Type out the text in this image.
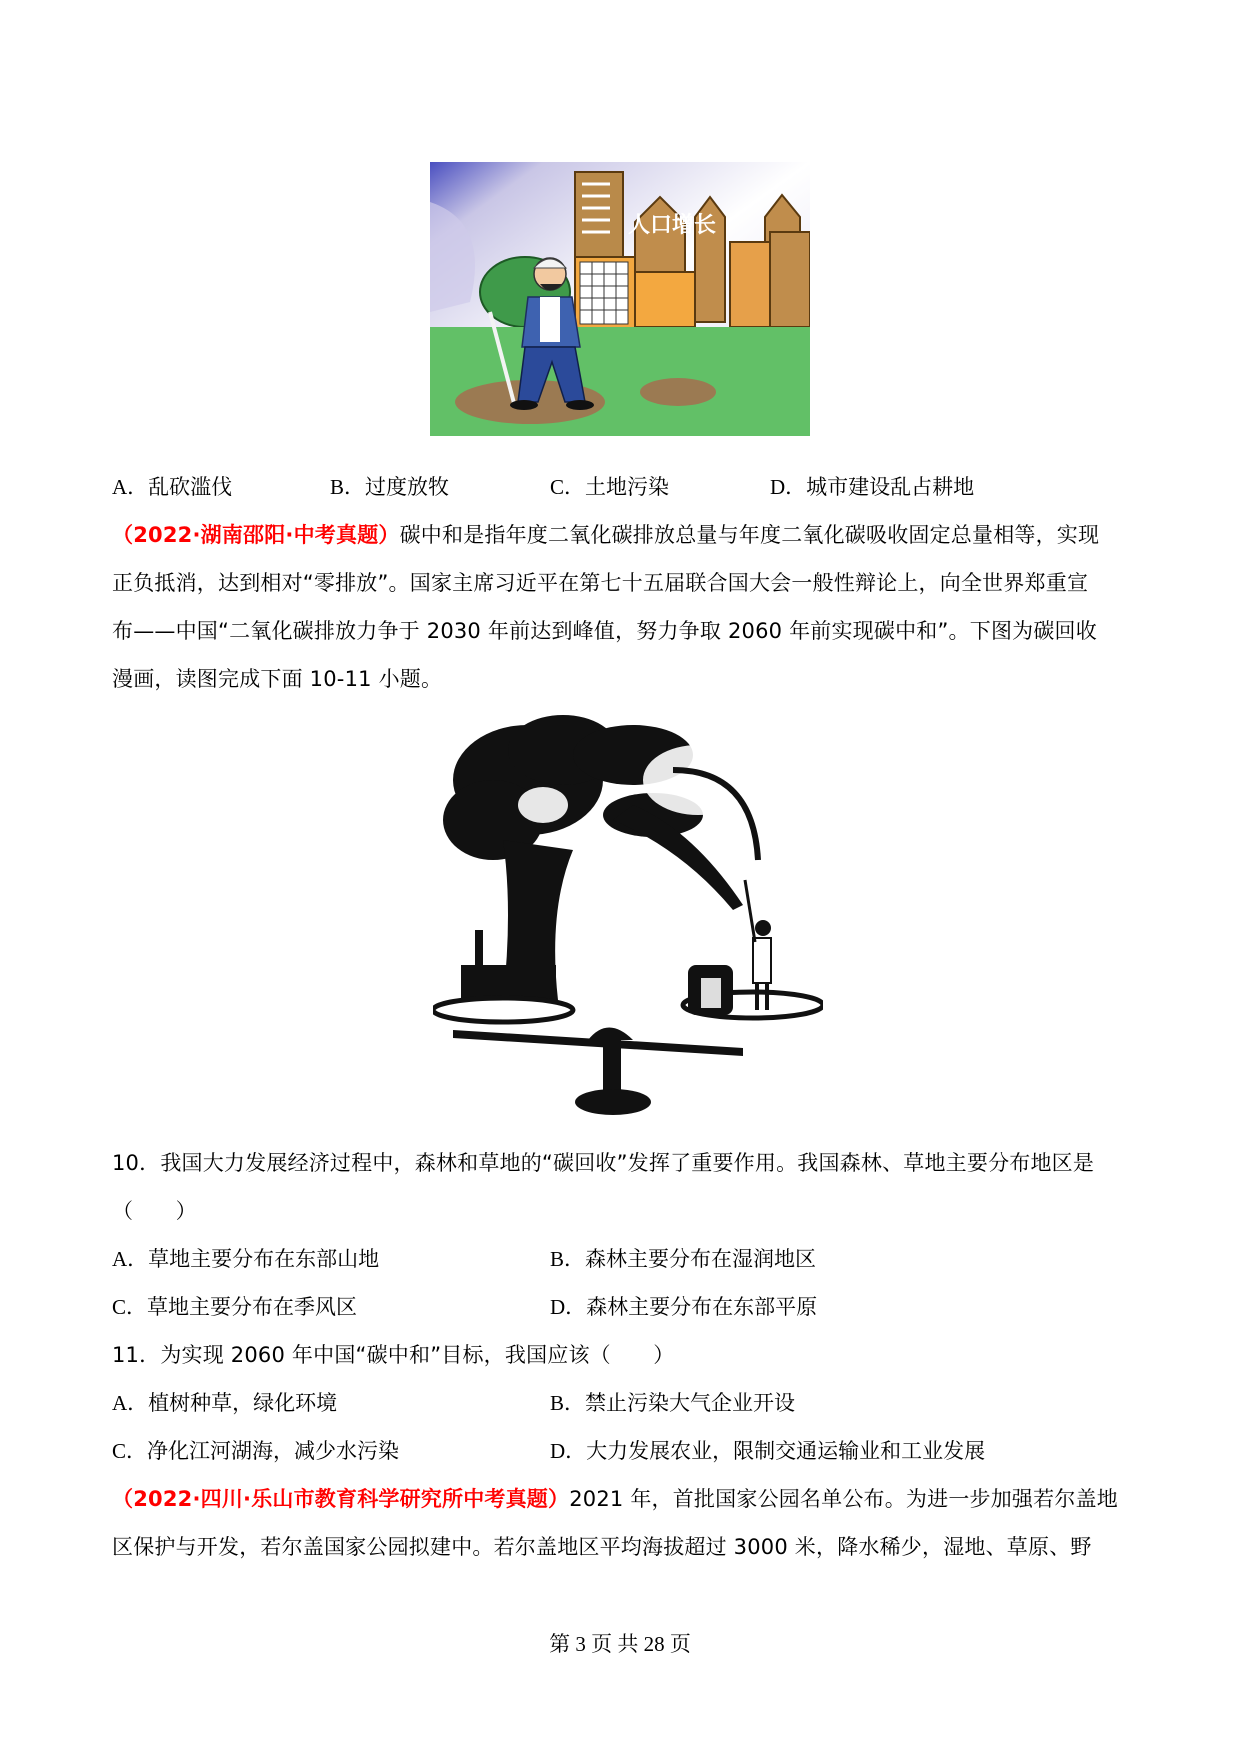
人口增长
A．乱砍滥伐	B．过度放牧	C．土地污染	D．城市建设乱占耕地
（2022·湖南邵阳·中考真题）碳中和是指年度二氧化碳排放总量与年度二氧化碳吸收固定总量相等，实现
正负抵消，达到相对“零排放”。国家主席习近平在第七十五届联合国大会一般性辩论上，向全世界郑重宣
布——中国“二氧化碳排放力争于 2030 年前达到峰值，努力争取 2060 年前实现碳中和”。下图为碳回收
漫画，读图完成下面 10-11 小题。
10．我国大力发展经济过程中，森林和草地的“碳回收”发挥了重要作用。我国森林、草地主要分布地区是
（　　）
A．草地主要分布在东部山地	B．森林主要分布在湿润地区
C．草地主要分布在季风区	D．森林主要分布在东部平原
11．为实现 2060 年中国“碳中和”目标，我国应该（　　）
A．植树种草，绿化环境	B．禁止污染大气企业开设
C．净化江河湖海，减少水污染	D．大力发展农业，限制交通运输业和工业发展
（2022·四川·乐山市教育科学研究所中考真题）2021 年，首批国家公园名单公布。为进一步加强若尔盖地
区保护与开发，若尔盖国家公园拟建中。若尔盖地区平均海拔超过 3000 米，降水稀少，湿地、草原、野
第 3 页 共 28 页
